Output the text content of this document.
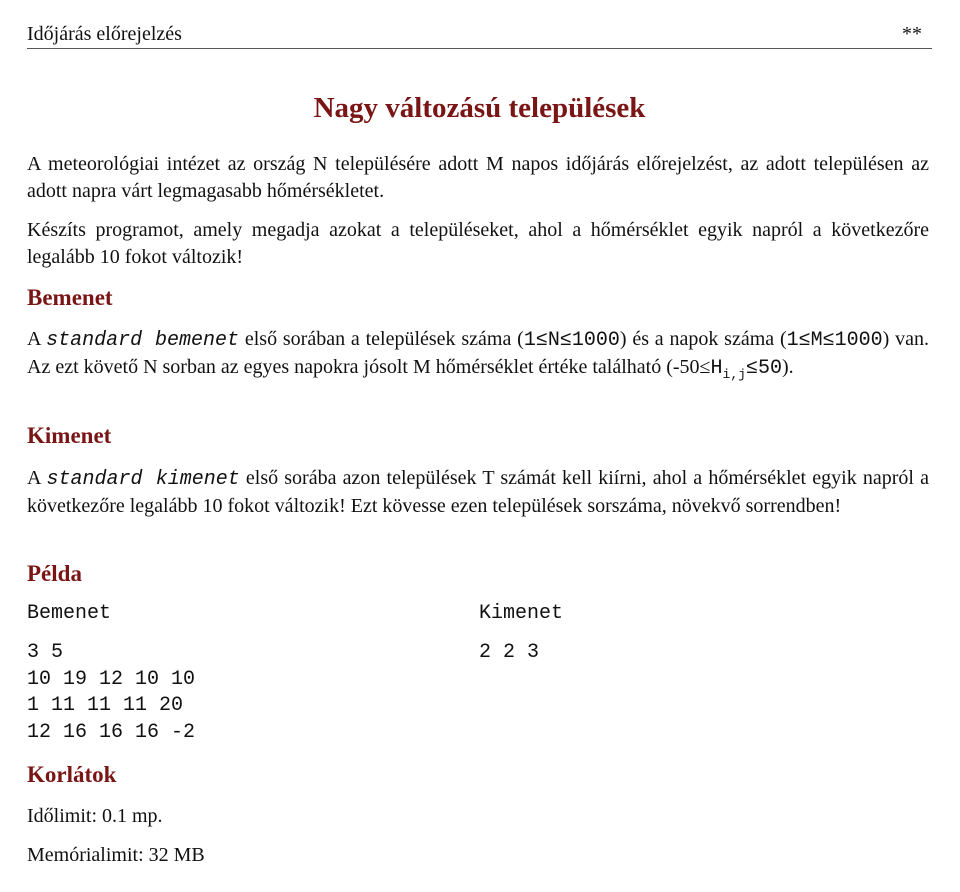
Időjárás előrejelzés	**
Nagy változású települések

A meteorológiai intézet az ország N településére adott M napos időjárás előrejelzést, az adott településen az adott napra várt legmagasabb hőmérsékletet.

Készíts programot, amely megadja azokat a településeket, ahol a hőmérséklet egyik napról a következőre legalább 10 fokot változik!

Bemenet

A standard bemenet első sorában a települések száma (1≤N≤1000) és a napok száma (1≤M≤1000) van. Az ezt követő N sorban az egyes napokra jósolt M hőmérséklet értéke található $(-50\le H_{i,j}\le 50)$.

Kimenet

A standard kimenet első sorába azon települések T számát kell kiírni, ahol a hőmérséklet egyik napról a következőre legalább 10 fokot változik! Ezt kövesse ezen települések sorszáma, növekvő sorrendben!

Példa
Bemenet	Kimenet
3 5
10 19 12 10 10
1 11 11 11 20
12 16 16 16 -2
2 2 3
Korlátok

Időlimit: 0.1 mp.

Memórialimit: 32 MB
